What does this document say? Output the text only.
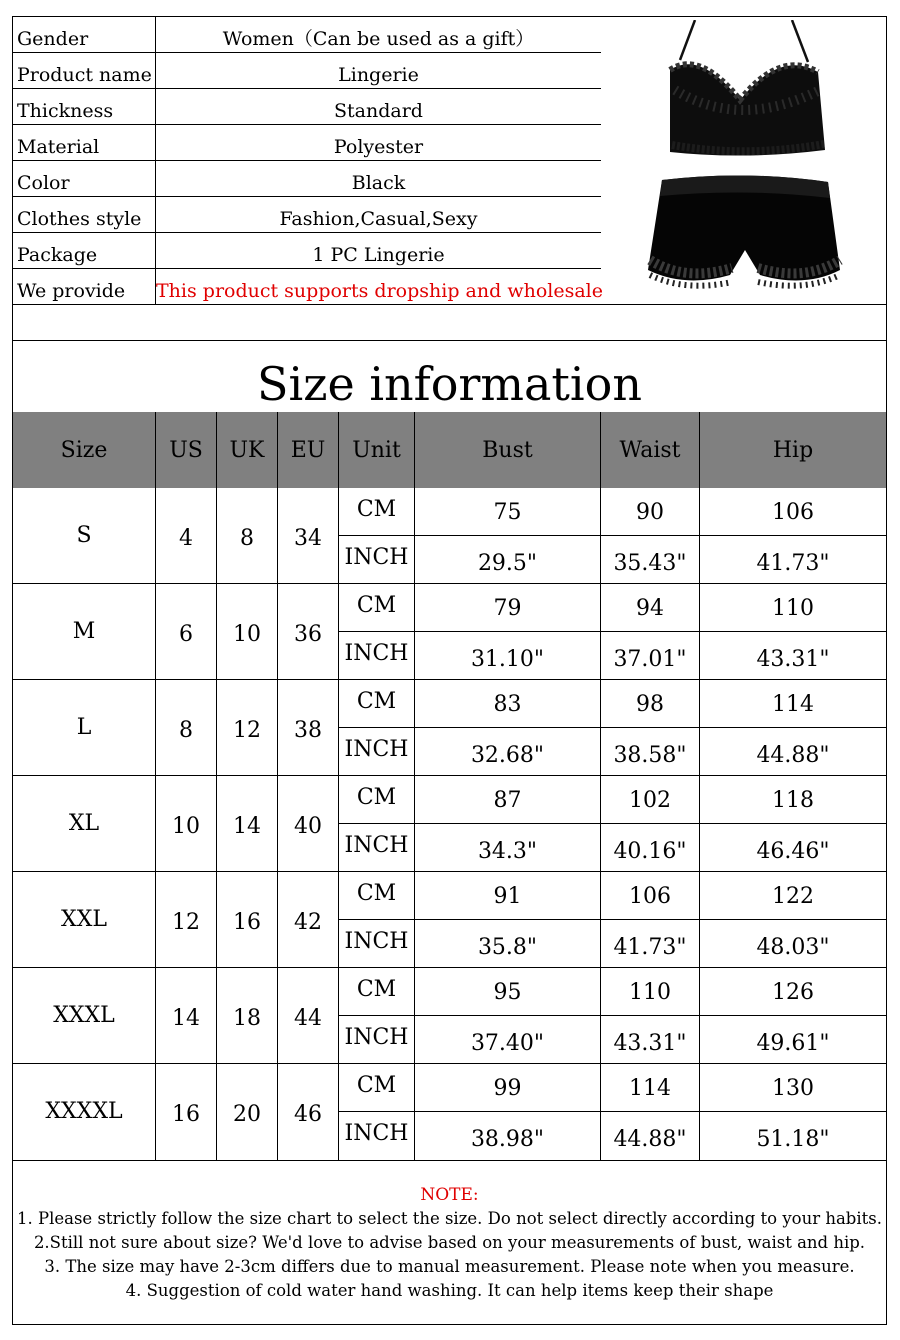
Gender	Women（Can be used as a gift）
Product name	Lingerie
Thickness	Standard
Material	Polyester
Color	Black
Clothes style	Fashion,Casual,Sexy
Package	1 PC Lingerie
We provide	This product supports dropship and wholesale
Size information
Size	US	UK	EU	Unit	Bust	Waist	Hip
S	4	8	34
CM	75	90	106
INCH	29.5"	35.43"	41.73"
M	6	10	36
CM	79	94	110
INCH	31.10"	37.01"	43.31"
L	8	12	38
CM	83	98	114
INCH	32.68"	38.58"	44.88"
XL	10	14	40
CM	87	102	118
INCH	34.3"	40.16"	46.46"
XXL	12	16	42
CM	91	106	122
INCH	35.8"	41.73"	48.03"
XXXL	14	18	44
CM	95	110	126
INCH	37.40"	43.31"	49.61"
XXXXL	16	20	46
CM	99	114	130
INCH	38.98"	44.88"	51.18"
NOTE:
1. Please strictly follow the size chart to select the size. Do not select directly according to your habits.
2.Still not sure about size? We'd love to advise based on your measurements of bust, waist and hip.
3. The size may have 2-3cm differs due to manual measurement. Please note when you measure.
4. Suggestion of cold water hand washing. It can help items keep their shape
